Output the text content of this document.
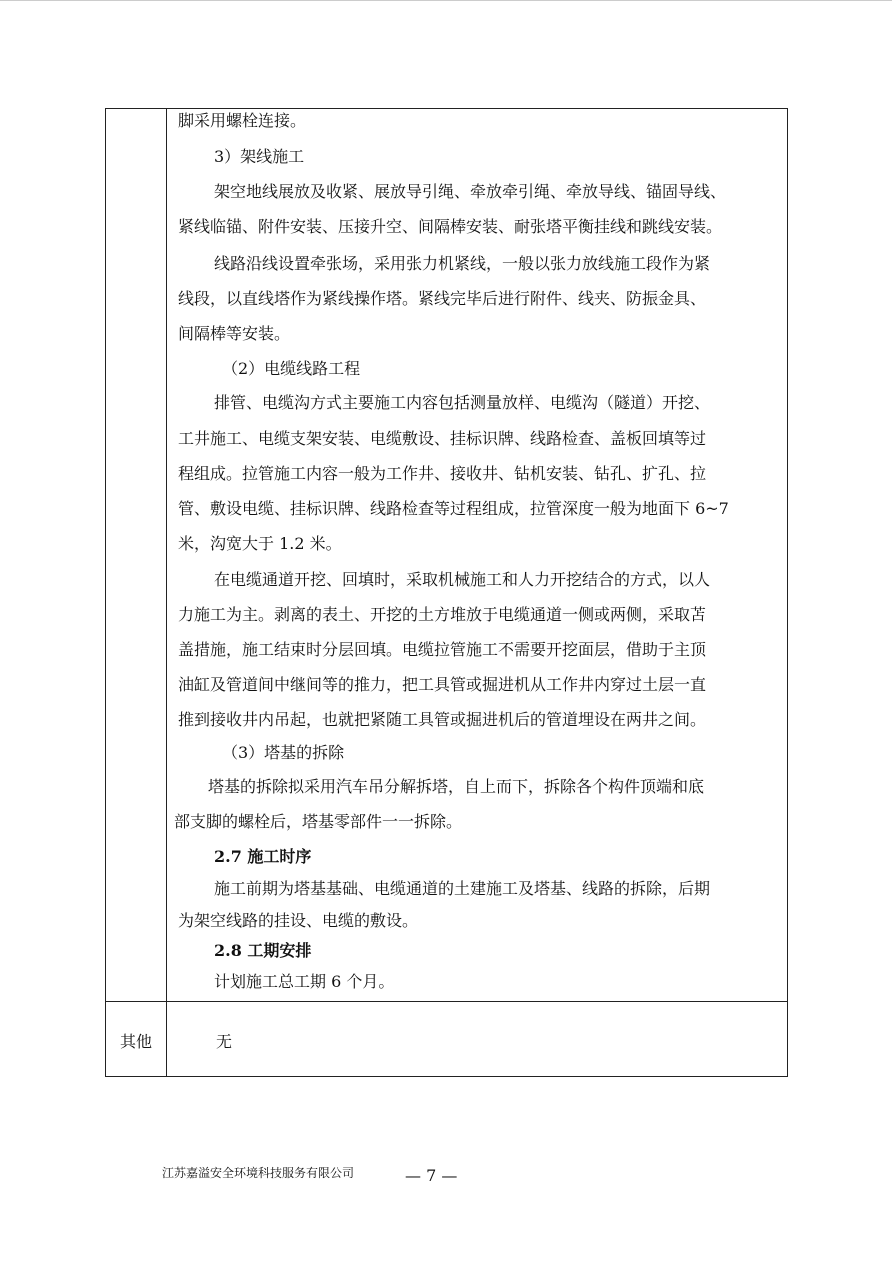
脚采用螺栓连接。
3）架线施工
架空地线展放及收紧、展放导引绳、牵放牵引绳、牵放导线、锚固导线、
紧线临锚、附件安装、压接升空、间隔棒安装、耐张塔平衡挂线和跳线安装。
线路沿线设置牵张场，采用张力机紧线，一般以张力放线施工段作为紧
线段，以直线塔作为紧线操作塔。紧线完毕后进行附件、线夹、防振金具、
间隔棒等安装。
（2）电缆线路工程
排管、电缆沟方式主要施工内容包括测量放样、电缆沟（隧道）开挖、
工井施工、电缆支架安装、电缆敷设、挂标识牌、线路检查、盖板回填等过
程组成。拉管施工内容一般为工作井、接收井、钻机安装、钻孔、扩孔、拉
管、敷设电缆、挂标识牌、线路检查等过程组成，拉管深度一般为地面下 6~7
米，沟宽大于 1.2 米。
在电缆通道开挖、回填时，采取机械施工和人力开挖结合的方式，以人
力施工为主。剥离的表土、开挖的土方堆放于电缆通道一侧或两侧，采取苫
盖措施，施工结束时分层回填。电缆拉管施工不需要开挖面层，借助于主顶
油缸及管道间中继间等的推力，把工具管或掘进机从工作井内穿过土层一直
推到接收井内吊起，也就把紧随工具管或掘进机后的管道埋设在两井之间。
（3）塔基的拆除
塔基的拆除拟采用汽车吊分解拆塔，自上而下，拆除各个构件顶端和底
部支脚的螺栓后，塔基零部件一一拆除。
2.7 施工时序
施工前期为塔基基础、电缆通道的土建施工及塔基、线路的拆除，后期
为架空线路的挂设、电缆的敷设。
2.8 工期安排
计划施工总工期 6 个月。
其他	无
江苏嘉溢安全环境科技服务有限公司	— 7 —
